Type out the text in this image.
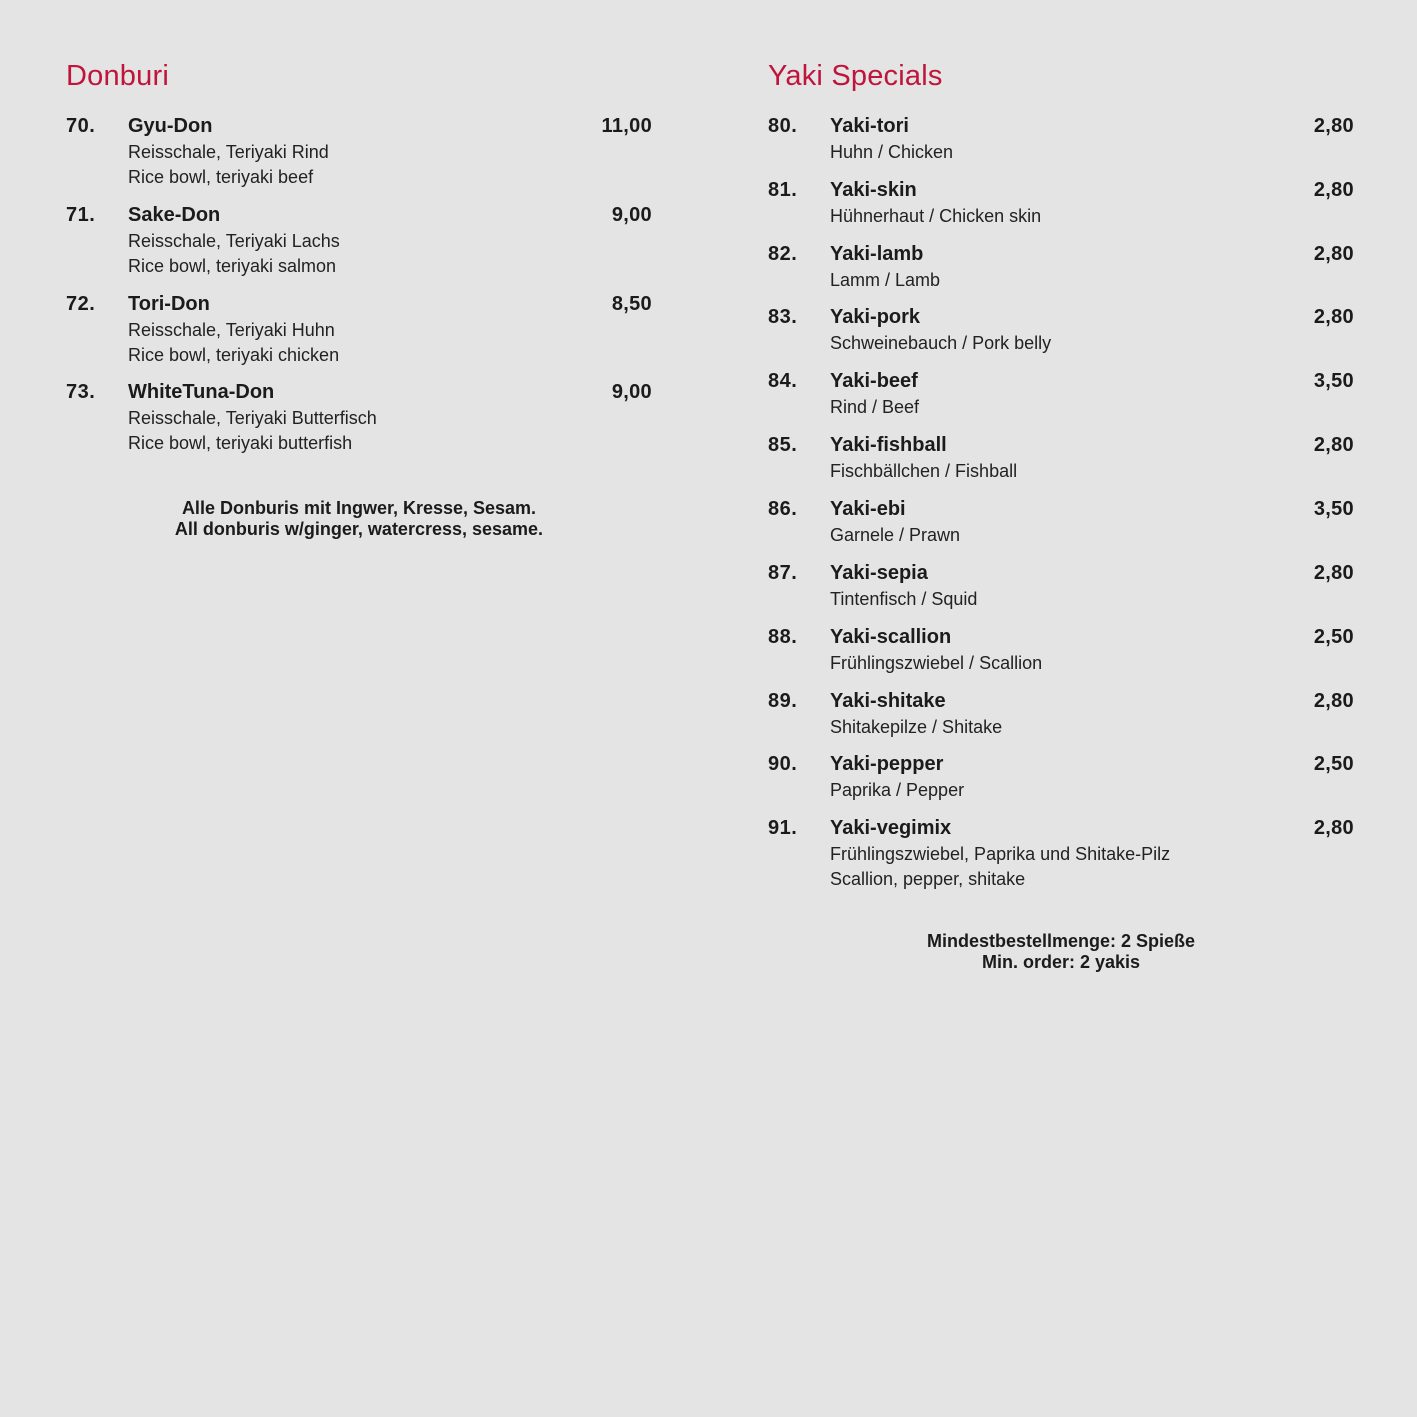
Donburi
70. Gyu-Don	11,00
Reisschale, Teriyaki Rind
Rice bowl, teriyaki beef
71. Sake-Don	9,00
Reisschale, Teriyaki Lachs
Rice bowl, teriyaki salmon
72. Tori-Don	8,50
Reisschale, Teriyaki Huhn
Rice bowl, teriyaki chicken
73. WhiteTuna-Don	9,00
Reisschale, Teriyaki Butterfisch
Rice bowl, teriyaki butterfish
Alle Donburis mit Ingwer, Kresse, Sesam.
All donburis w/ginger, watercress, sesame.
Yaki Specials
80. Yaki-tori	2,80
Huhn / Chicken
81. Yaki-skin	2,80
Hühnerhaut / Chicken skin
82. Yaki-lamb	2,80
Lamm / Lamb
83. Yaki-pork	2,80
Schweinebauch / Pork belly
84. Yaki-beef	3,50
Rind / Beef
85. Yaki-fishball	2,80
Fischbällchen / Fishball
86. Yaki-ebi	3,50
Garnele / Prawn
87. Yaki-sepia	2,80
Tintenfisch / Squid
88. Yaki-scallion	2,50
Frühlingszwiebel / Scallion
89. Yaki-shitake	2,80
Shitakepilze / Shitake
90. Yaki-pepper	2,50
Paprika / Pepper
91. Yaki-vegimix	2,80
Frühlingszwiebel, Paprika und Shitake-Pilz
Scallion, pepper, shitake
Mindestbestellmenge: 2 Spieße
Min. order: 2 yakis
